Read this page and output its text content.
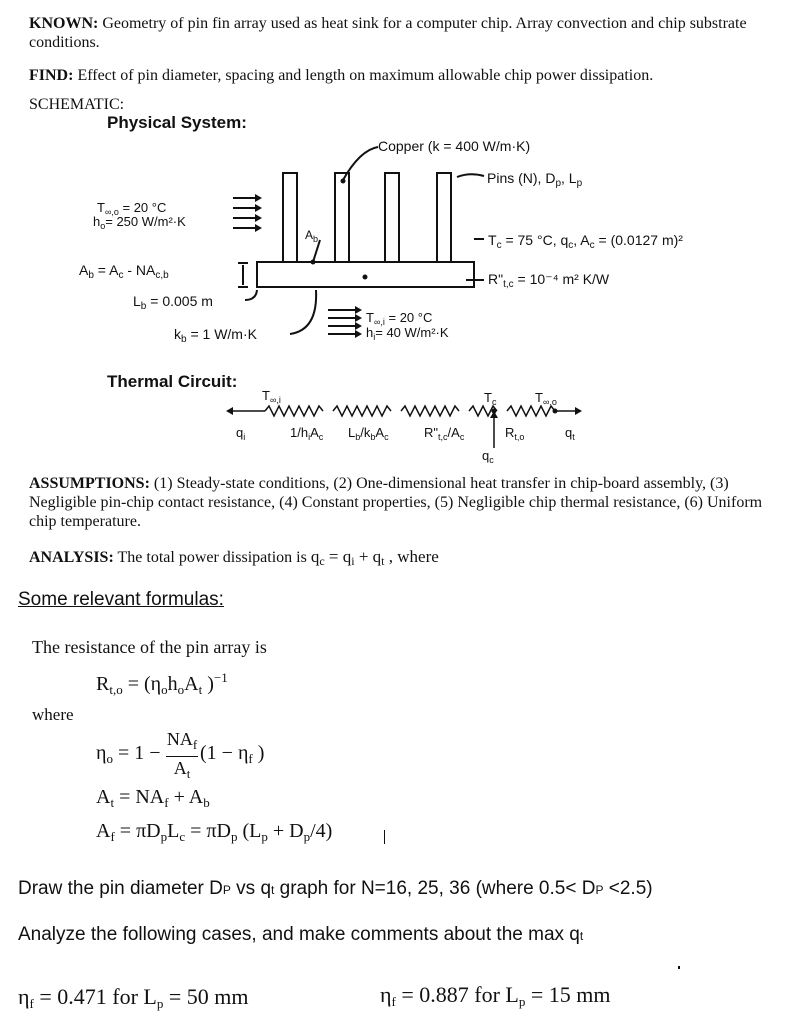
KNOWN: Geometry of pin fin array used as heat sink for a computer chip. Array convection and chip substrate conditions.
FIND: Effect of pin diameter, spacing and length on maximum allowable chip power dissipation.
SCHEMATIC:
Physical System:
Copper (k = 400 W/m·K)
Pins (N), $D_p$, $L_p$
$T_{\infty,o} = 20$ °C
$h_o= 250$ W/m²·K
$A_b$
$A_b = A_c - NA_{c,b}$
$L_b = 0.005$ m
$k_b = 1$ W/m·K
$T_{\infty,i} = 20$ °C
$h_i= 40$ W/m²·K
$T_c = 75$ °C, $q_c$, $A_c = (0.0127$ m)²
$R"_{t,c} = 10^{-4}$ m² K/W
Thermal Circuit:
$T_{\infty,i}$	$T_c$	$T_{\infty,o}$
$q_i$	$1/h_iA_c$ $L_b/k_bA_c$	$R"_{t,c}/A_c$	$R_{t,o}$	$q_t$
$q_c$
ASSUMPTIONS: (1) Steady-state conditions, (2) One-dimensional heat transfer in chip-board assembly, (3) Negligible pin-chip contact resistance, (4) Constant properties, (5) Negligible chip thermal resistance, (6) Uniform chip temperature.
ANALYSIS: The total power dissipation is qc = qi + qt , where
Some relevant formulas:
The resistance of the pin array is
$R_{t,o} = (\eta_oh_oA_t$ )$^{-1}$
where
$\eta_o = 1$ −
$NA_f$
$A_t$
($1 - \eta_f$ )
$A_t = NA_f + A_b$
$A_f = \pi D_pL_c = \pi D_p$ $(L_p + D_p/4)$
Draw the pin diameter DP vs qt graph for N=16, 25, 36 (where 0.5< DP <2.5)
Analyze the following cases, and make comments about the max qt
$\eta_f = 0.471$ for $L_p = 50$ mm	$\eta_f = 0.887$ for $L_p = 15$ mm
